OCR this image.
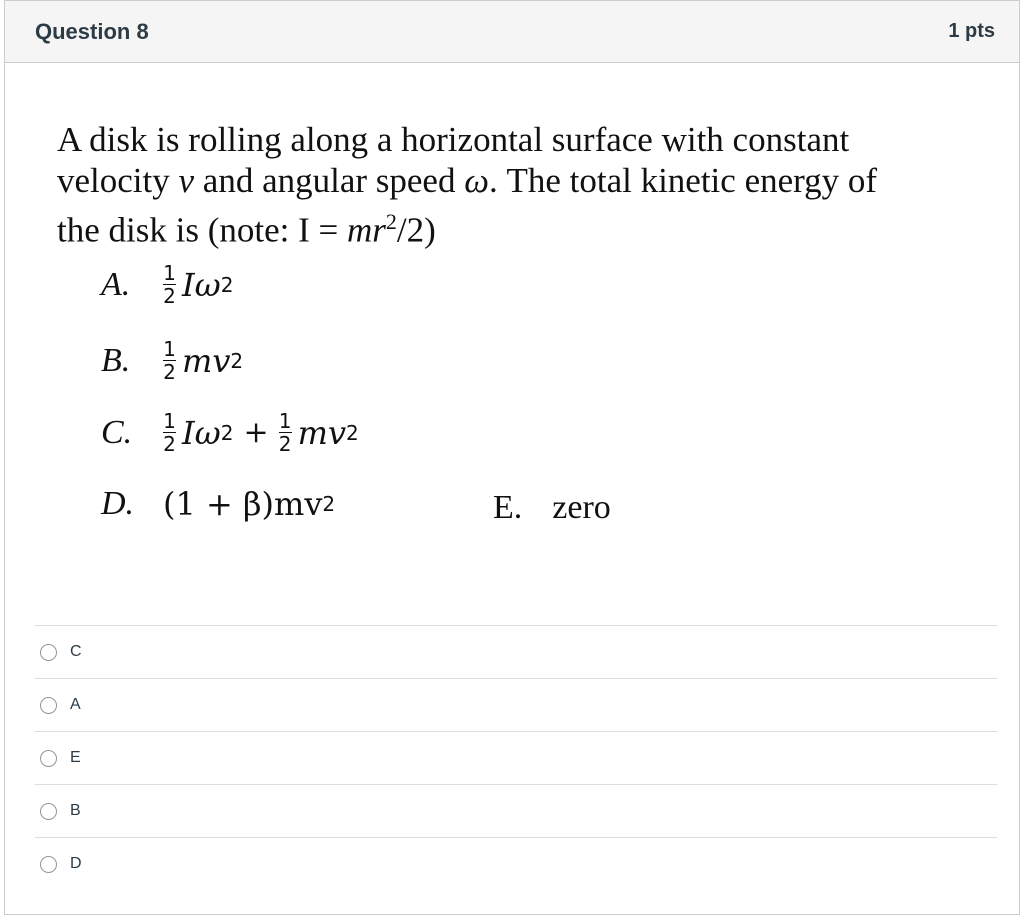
Question 8	1 pts
A disk is rolling along a horizontal surface with constant
velocity v and angular speed ω. The total kinetic energy of
the disk is (note: $I = mr^2/2$)
A.	$\frac{1}{2}$ Iω 2
B.	$\frac{1}{2}$ mv 2
C.	$\frac{1}{2}$ Iω $2 + \frac{1}{2}$ mv 2
D. (1 + β)mv 2	E. zero
C
A
E
B
D
